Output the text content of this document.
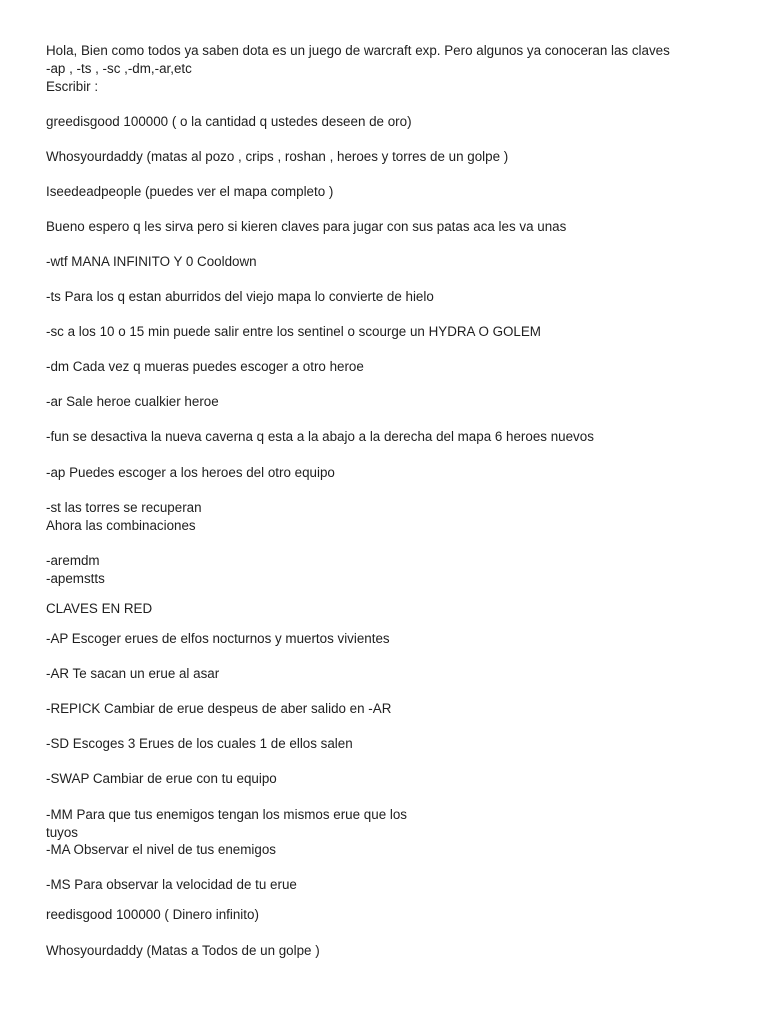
Hola, Bien como todos ya saben dota es un juego de warcraft exp. Pero algunos ya conoceran las claves

-ap , -ts , -sc ,-dm,-ar,etc

Escribir :

greedisgood 100000 ( o la cantidad q ustedes deseen de oro)

Whosyourdaddy (matas al pozo , crips , roshan , heroes y torres de un golpe )

Iseedeadpeople (puedes ver el mapa completo )

Bueno espero q les sirva pero si kieren claves para jugar con sus patas aca les va unas

-wtf MANA INFINITO Y 0 Cooldown

-ts Para los q estan aburridos del viejo mapa lo convierte de hielo

-sc a los 10 o 15 min puede salir entre los sentinel o scourge un HYDRA O GOLEM

-dm Cada vez q mueras puedes escoger a otro heroe

-ar Sale heroe cualkier heroe

-fun se desactiva la nueva caverna q esta a la abajo a la derecha del mapa 6 heroes nuevos

-ap Puedes escoger a los heroes del otro equipo

-st las torres se recuperan

Ahora las combinaciones

-aremdm

-apemstts

CLAVES EN RED

-AP Escoger erues de elfos nocturnos y muertos vivientes

-AR Te sacan un erue al asar

-REPICK Cambiar de erue despeus de aber salido en -AR

-SD Escoges 3 Erues de los cuales 1 de ellos salen

-SWAP Cambiar de erue con tu equipo

-MM Para que tus enemigos tengan los mismos erue que los

tuyos

-MA Observar el nivel de tus enemigos

-MS Para observar la velocidad de tu erue

reedisgood 100000 ( Dinero infinito)

Whosyourdaddy (Matas a Todos de un golpe )
